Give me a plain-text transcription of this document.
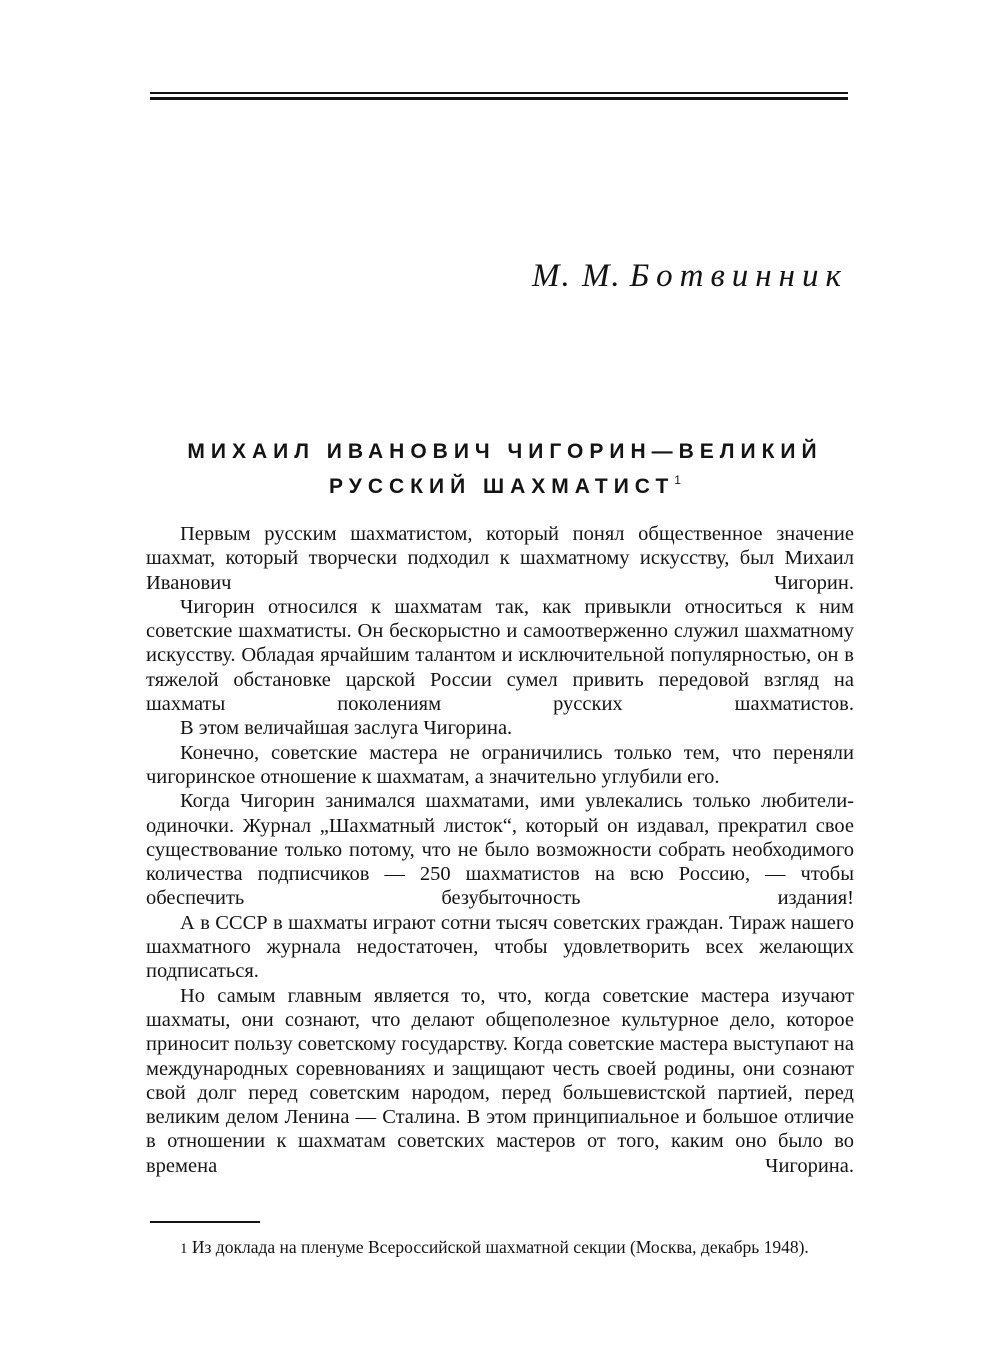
М. М. Ботвинник
МИХАИЛ ИВАНОВИЧ ЧИГОРИН—ВЕЛИКИЙ
РУССКИЙ ШАХМАТИСТ$^1$

Первым русским шахматистом, который понял общественное значение шахмат, который творчески подходил к шахматному искусству, был Михаил Иванович Чигорин.

Чигорин относился к шахматам так, как привыкли относиться к ним советские шахматисты. Он бескорыстно и самоотверженно служил шахматному искусству. Обладая ярчайшим талантом и исключительной популярностью, он в тяжелой обстановке царской России сумел привить передовой взгляд на шахматы поколениям русских шахматистов.

В этом величайшая заслуга Чигорина.

Конечно, советские мастера не ограничились только тем, что переняли чигоринское отношение к шахматам, а значительно углубили его.

Когда Чигорин занимался шахматами, ими увлекались только любители-одиночки. Журнал „Шахматный листок“, который он издавал, прекратил свое существование только потому, что не было возможности собрать необходимого количества подписчиков — 250 шахматистов на всю Россию, — чтобы обеспечить безубыточность издания!

А в СССР в шахматы играют сотни тысяч советских граждан. Тираж нашего шахматного журнала недостаточен, чтобы удовлетворить всех желающих подписаться.

Но самым главным является то, что, когда советские мастера изучают шахматы, они сознают, что делают общеполезное культурное дело, которое приносит пользу советскому государству. Когда советские мастера выступают на международных соревнованиях и защищают честь своей родины, они сознают свой долг перед советским народом, перед большевистской партией, перед великим делом Ленина — Сталина. В этом принципиальное и большое отличие в отношении к шахматам советских мастеров от того, каким оно было во времена Чигорина.

1 Из доклада на пленуме Всероссийской шахматной секции (Москва, декабрь 1948).
